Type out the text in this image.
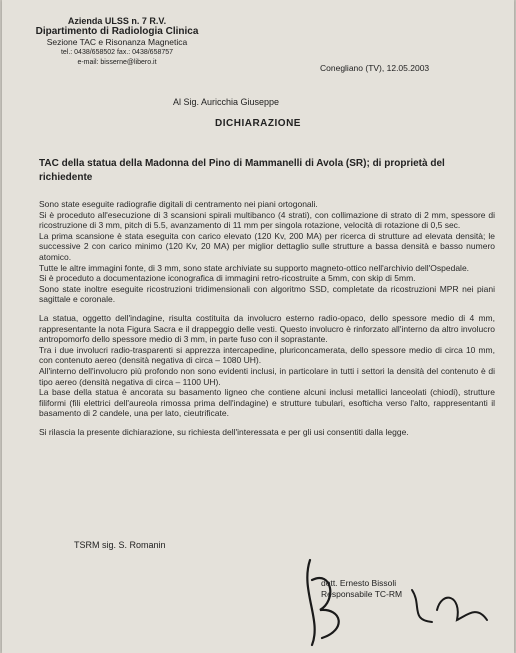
Azienda ULSS n. 7 R.V.
Dipartimento di Radiologia Clinica
Sezione TAC e Risonanza Magnetica
tel.: 0438/658502 fax.: 0438/658757
e-mail: bisserne@libero.it
Conegliano (TV), 12.05.2003
Al Sig. Auricchia Giuseppe
DICHIARAZIONE
TAC della statua della Madonna del Pino di Mammanelli di Avola (SR); di proprietà del richiedente

Sono state eseguite radiografie digitali di centramento nei piani ortogonali.

Si è proceduto all'esecuzione di 3 scansioni spirali multibanco (4 strati), con collimazione di strato di 2 mm, spessore di ricostruzione di 3 mm, pitch di 5.5, avanzamento di 11 mm per singola rotazione, velocità di rotazione di 0,5 sec.

La prima scansione è stata eseguita con carico elevato (120 Kv, 200 MA) per ricerca di strutture ad elevata densità; le successive 2 con carico minimo (120 Kv, 20 MA) per miglior dettaglio sulle strutture a bassa densità e basso numero atomico.

Tutte le altre immagini fonte, di 3 mm, sono state archiviate su supporto magneto-ottico nell'archivio dell'Ospedale.

Si è proceduto a documentazione iconografica di immagini retro-ricostruite a 5mm, con skip di 5mm.

Sono state inoltre eseguite ricostruzioni tridimensionali con algoritmo SSD, completate da ricostruzioni MPR nei piani sagittale e coronale.

La statua, oggetto dell'indagine, risulta costituita da involucro esterno radio-opaco, dello spessore medio di 4 mm, rappresentante la nota Figura Sacra e il drappeggio delle vesti. Questo involucro è rinforzato all'interno da altro involucro antropomorfo dello spessore medio di 3 mm, in parte fuso con il soprastante.

Tra i due involucri radio-trasparenti si apprezza intercapedine, pluriconcamerata, dello spessore medio di circa 10 mm, con contenuto aereo (densità negativa di circa – 1080 UH).

All'interno dell'involucro più profondo non sono evidenti inclusi, in particolare in tutti i settori la densità del contenuto è di tipo aereo (densità negativa di circa – 1100 UH).

La base della statua è ancorata su basamento ligneo che contiene alcuni inclusi metallici lanceolati (chiodi), strutture filiformi (fili elettrici dell'aureola rimossa prima dell'indagine) e strutture tubulari, esofticha verso l'alto, rappresentanti il basamento di 2 candele, una per lato, cieutrificate.

Si rilascia la presente dichiarazione, su richiesta dell'interessata e per gli usi consentiti dalla legge.

TSRM sig. S. Romanin
dott. Ernesto Bissoli
Responsabile TC-RM
